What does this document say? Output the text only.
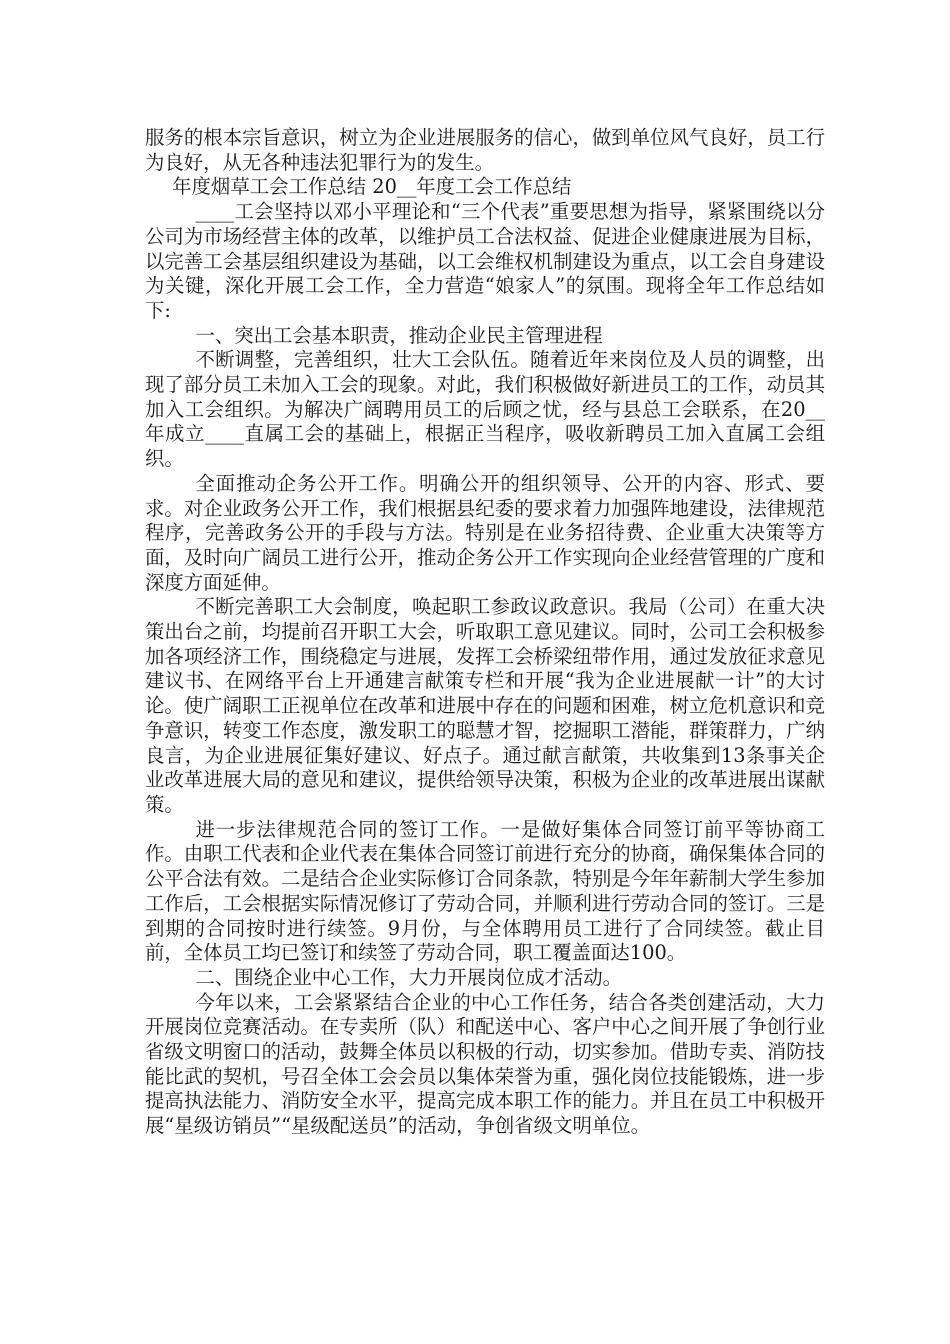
服务的根本宗旨意识，树立为企业进展服务的信心，做到单位风气良好，员工行为良好，从无各种违法犯罪行为的发生。

年度烟草工会工作总结 20__年度工会工作总结

____工会坚持以邓小平理论和“三个代表”重要思想为指导，紧紧围绕以分公司为市场经营主体的改革，以维护员工合法权益、促进企业健康进展为目标，以完善工会基层组织建设为基础，以工会维权机制建设为重点，以工会自身建设为关键，深化开展工会工作，全力营造“娘家人”的氛围。现将全年工作总结如下:

一、突出工会基本职责，推动企业民主管理进程

不断调整，完善组织，壮大工会队伍。随着近年来岗位及人员的调整，出现了部分员工未加入工会的现象。对此，我们积极做好新进员工的工作，动员其加入工会组织。为解决广阔聘用员工的后顾之忧，经与县总工会联系，在20__年成立____直属工会的基础上，根据正当程序，吸收新聘员工加入直属工会组织。

全面推动企务公开工作。明确公开的组织领导、公开的内容、形式、要求。对企业政务公开工作，我们根据县纪委的要求着力加强阵地建设，法律规范程序，完善政务公开的手段与方法。特别是在业务招待费、企业重大决策等方面，及时向广阔员工进行公开，推动企务公开工作实现向企业经营管理的广度和深度方面延伸。

不断完善职工大会制度，唤起职工参政议政意识。我局（公司）在重大决策出台之前，均提前召开职工大会，听取职工意见建议。同时，公司工会积极参加各项经济工作，围绕稳定与进展，发挥工会桥梁纽带作用，通过发放征求意见建议书、在网络平台上开通建言献策专栏和开展“我为企业进展献一计”的大讨论。使广阔职工正视单位在改革和进展中存在的问题和困难，树立危机意识和竞争意识，转变工作态度，激发职工的聪慧才智，挖掘职工潜能，群策群力，广纳良言，为企业进展征集好建议、好点子。通过献言献策，共收集到13条事关企业改革进展大局的意见和建议，提供给领导决策，积极为企业的改革进展出谋献策。

进一步法律规范合同的签订工作。一是做好集体合同签订前平等协商工作。由职工代表和企业代表在集体合同签订前进行充分的协商，确保集体合同的公平合法有效。二是结合企业实际修订合同条款，特别是今年年薪制大学生参加工作后，工会根据实际情况修订了劳动合同，并顺利进行劳动合同的签订。三是到期的合同按时进行续签。9月份，与全体聘用员工进行了合同续签。截止目前，全体员工均已签订和续签了劳动合同，职工覆盖面达100。

二、围绕企业中心工作，大力开展岗位成才活动。

今年以来，工会紧紧结合企业的中心工作任务，结合各类创建活动，大力开展岗位竞赛活动。在专卖所（队）和配送中心、客户中心之间开展了争创行业省级文明窗口的活动，鼓舞全体员以积极的行动，切实参加。借助专卖、消防技能比武的契机，号召全体工会会员以集体荣誉为重，强化岗位技能锻炼，进一步提高执法能力、消防安全水平，提高完成本职工作的能力。并且在员工中积极开展“星级访销员”“星级配送员”的活动，争创省级文明单位。
